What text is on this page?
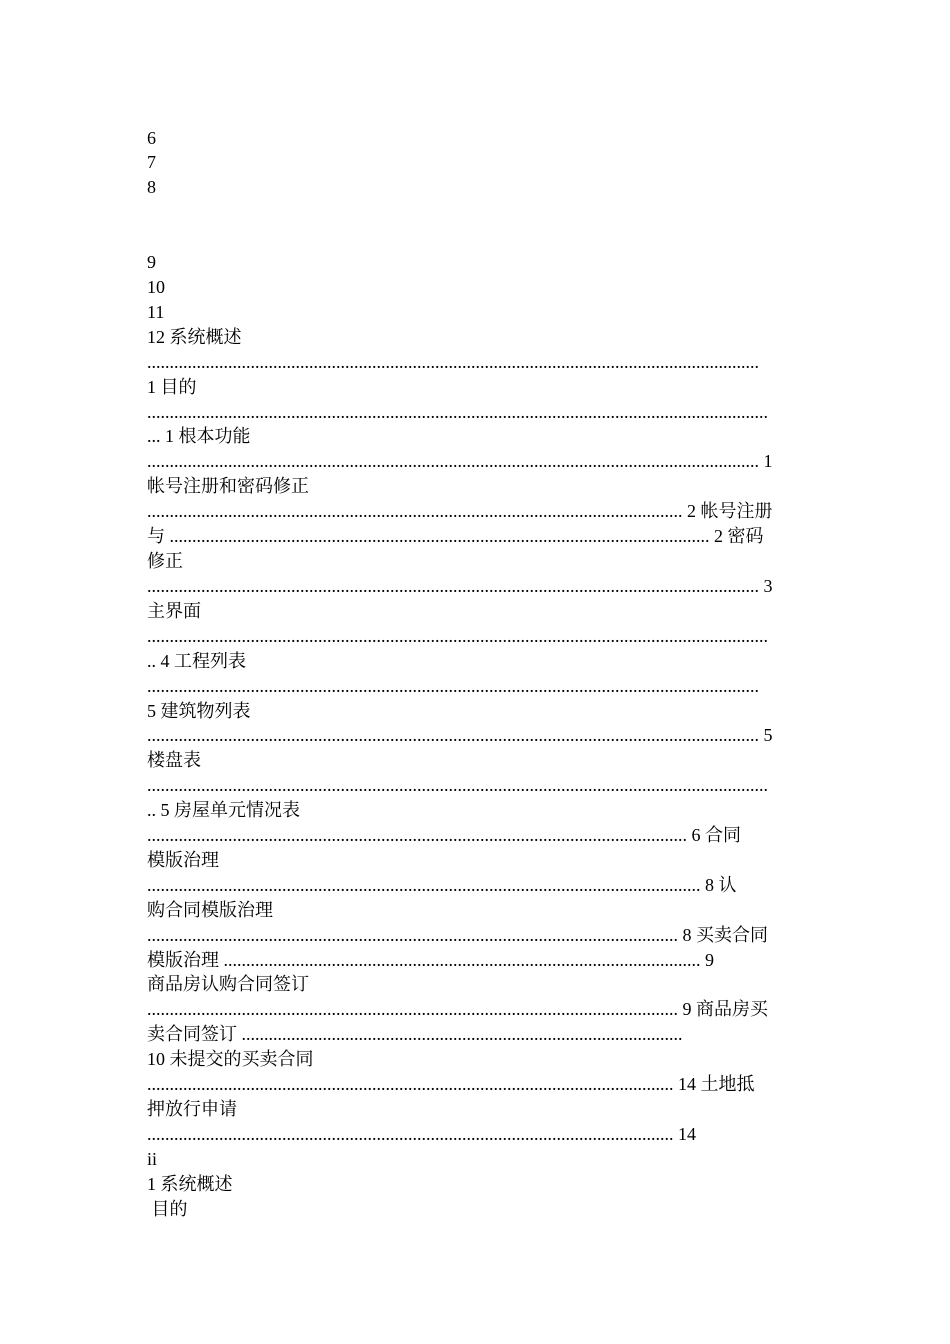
6
7
8
9
10
11
12 系统概述
........................................................................................................................................
1 目的
..........................................................................................................................................
... 1 根本功能
........................................................................................................................................ 1
帐号注册和密码修正
....................................................................................................................... 2 帐号注册
与 ........................................................................................................................ 2 密码
修正
........................................................................................................................................ 3
主界面
..........................................................................................................................................
.. 4 工程列表
........................................................................................................................................
5 建筑物列表
........................................................................................................................................ 5
楼盘表
..........................................................................................................................................
.. 5 房屋单元情况表
........................................................................................................................ 6 合同
模版治理
........................................................................................................................... 8 认
购合同模版治理
...................................................................................................................... 8 买卖合同
模版治理 .......................................................................................................... 9
商品房认购合同签订
...................................................................................................................... 9 商品房买
卖合同签订 ..................................................................................................
10 未提交的买卖合同
..................................................................................................................... 14 土地抵
押放行申请
..................................................................................................................... 14
ii
1 系统概述
目的
